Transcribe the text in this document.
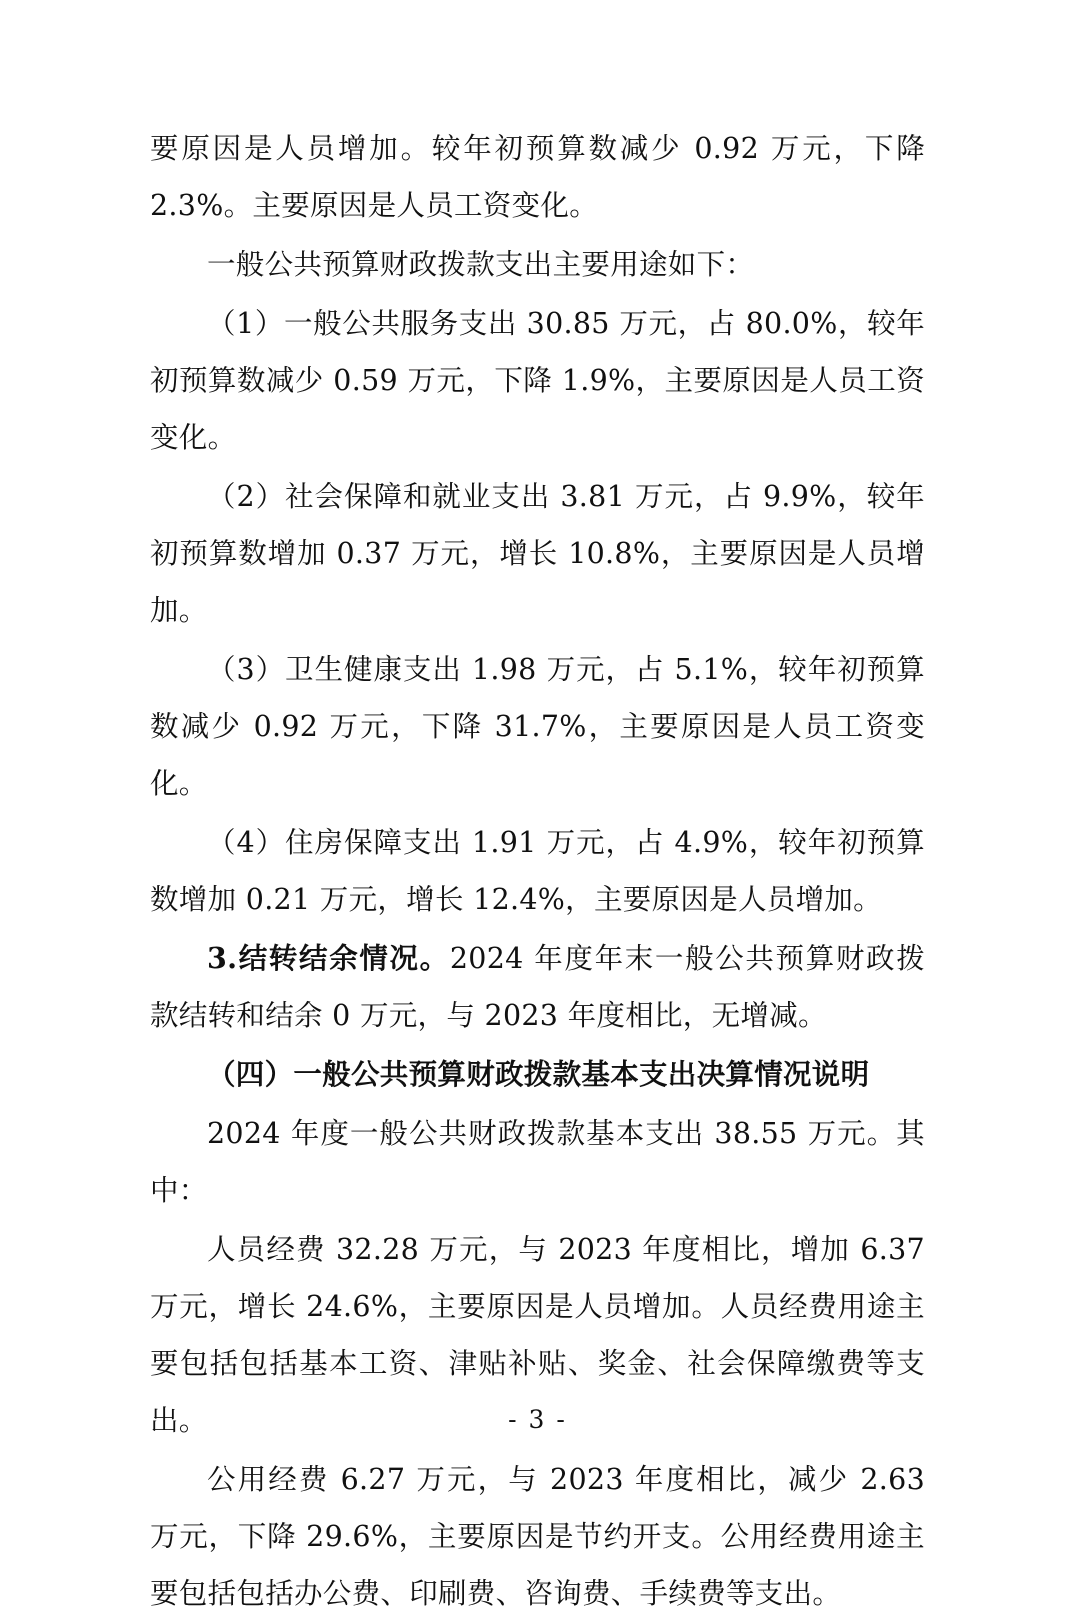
要原因是人员增加。较年初预算数减少 0.92 万元，下降 2.3%。主要原因是人员工资变化。

一般公共预算财政拨款支出主要用途如下：

（1）一般公共服务支出 30.85 万元，占 80.0%，较年初预算数减少 0.59 万元，下降 1.9%，主要原因是人员工资变化。

（2）社会保障和就业支出 3.81 万元，占 9.9%，较年初预算数增加 0.37 万元，增长 10.8%，主要原因是人员增加。

（3）卫生健康支出 1.98 万元，占 5.1%，较年初预算数减少 0.92 万元，下降 31.7%，主要原因是人员工资变化。

（4）住房保障支出 1.91 万元，占 4.9%，较年初预算数增加 0.21 万元，增长 12.4%，主要原因是人员增加。

3.结转结余情况。2024 年度年末一般公共预算财政拨款结转和结余 0 万元，与 2023 年度相比，无增减。

（四）一般公共预算财政拨款基本支出决算情况说明

2024 年度一般公共财政拨款基本支出 38.55 万元。其中：

人员经费 32.28 万元，与 2023 年度相比，增加 6.37 万元，增长 24.6%，主要原因是人员增加。人员经费用途主要包括包括基本工资、津贴补贴、奖金、社会保障缴费等支出。

公用经费 6.27 万元，与 2023 年度相比，减少 2.63 万元，下降 29.6%，主要原因是节约开支。公用经费用途主要包括包括办公费、印刷费、咨询费、手续费等支出。

- 3 -
